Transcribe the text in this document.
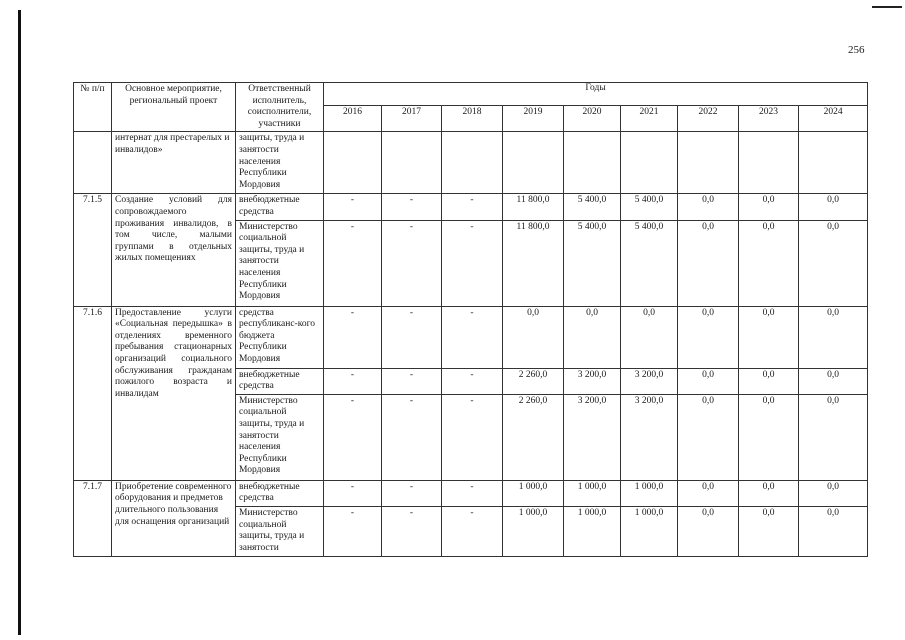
256
№ п/п	Основное мероприятие, региональный проект	Ответственный исполнитель, соисполнители, участники	Годы								
			2016	2017	2018	2019	2020	2021	2022	2023	2024
	интернат для престарелых и инвалидов»	защиты, труда и занятости населения Республики Мордовия									
7.1.5	Создание условий для сопровождаемого проживания инвалидов, в том числе, малыми группами в отдельных жилых помещениях	внебюджетные средства	-	-	-	11 800,0	5 400,0	5 400,0	0,0	0,0	0,0
		Министерство социальной защиты, труда и занятости населения Республики Мордовия	-	-	-	11 800,0	5 400,0	5 400,0	0,0	0,0	0,0
7.1.6	Предоставление услуги «Социальная передышка» в отделениях временного пребывания стационарных организаций социального обслуживания гражданам пожилого возраста и инвалидам	средства республиканс-кого бюджета Республики Мордовия	-	-	-	0,0	0,0	0,0	0,0	0,0	0,0
		внебюджетные средства	-	-	-	2 260,0	3 200,0	3 200,0	0,0	0,0	0,0
		Министерство социальной защиты, труда и занятости населения Республики Мордовия	-	-	-	2 260,0	3 200,0	3 200,0	0,0	0,0	0,0
7.1.7	Приобретение современного оборудования и предметов длительного пользования для оснащения организаций	внебюджетные средства	-	-	-	1 000,0	1 000,0	1 000,0	0,0	0,0	0,0
		Министерство социальной защиты, труда и занятости	-	-	-	1 000,0	1 000,0	1 000,0	0,0	0,0	0,0
